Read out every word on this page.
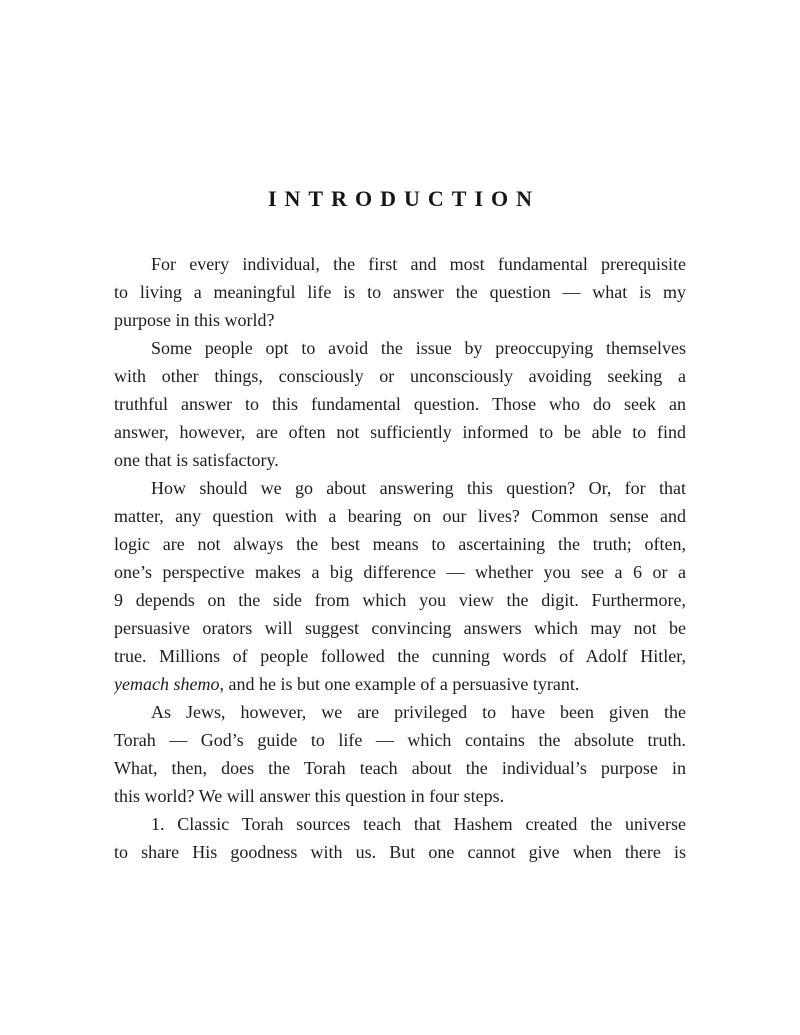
INTRODUCTION
For every individual, the first and most fundamental prerequisite
to living a meaningful life is to answer the question — what is my
purpose in this world?
Some people opt to avoid the issue by preoccupying themselves
with other things, consciously or unconsciously avoiding seeking a
truthful answer to this fundamental question. Those who do seek an
answer, however, are often not sufficiently informed to be able to find
one that is satisfactory.
How should we go about answering this question? Or, for that
matter, any question with a bearing on our lives? Common sense and
logic are not always the best means to ascertaining the truth; often,
one’s perspective makes a big difference — whether you see a 6 or a
9 depends on the side from which you view the digit. Furthermore,
persuasive orators will suggest convincing answers which may not be
true. Millions of people followed the cunning words of Adolf Hitler,
yemach shemo, and he is but one example of a persuasive tyrant.
As Jews, however, we are privileged to have been given the
Torah — God’s guide to life — which contains the absolute truth.
What, then, does the Torah teach about the individual’s purpose in
this world? We will answer this question in four steps.
1. Classic Torah sources teach that Hashem created the universe
to share His goodness with us. But one cannot give when there is
